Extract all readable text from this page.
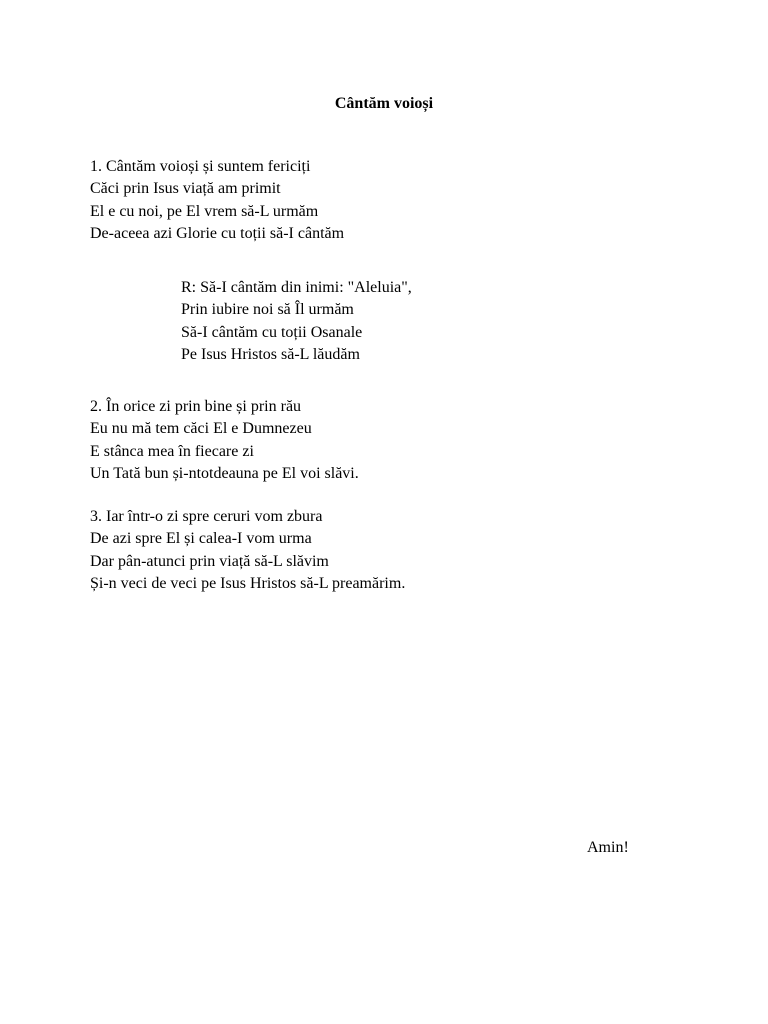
Cântăm voioși
1. Cântăm voioși și suntem fericiți
Căci prin Isus viață am primit
El e cu noi, pe El vrem să-L urmăm
De-aceea azi Glorie cu toții să-I cântăm
R: Să-I cântăm din inimi: "Aleluia",
Prin iubire noi să Îl urmăm
Să-I cântăm cu toții Osanale
Pe Isus Hristos să-L lăudăm
2. În orice zi prin bine și prin rău
Eu nu mă tem căci El e Dumnezeu
E stânca mea în fiecare zi
Un Tată bun și-ntotdeauna pe El voi slăvi.
3. Iar într-o zi spre ceruri vom zbura
De azi spre El și calea-I vom urma
Dar pân-atunci prin viață să-L slăvim
Și-n veci de veci pe Isus Hristos să-L preamărim.

Amin!
